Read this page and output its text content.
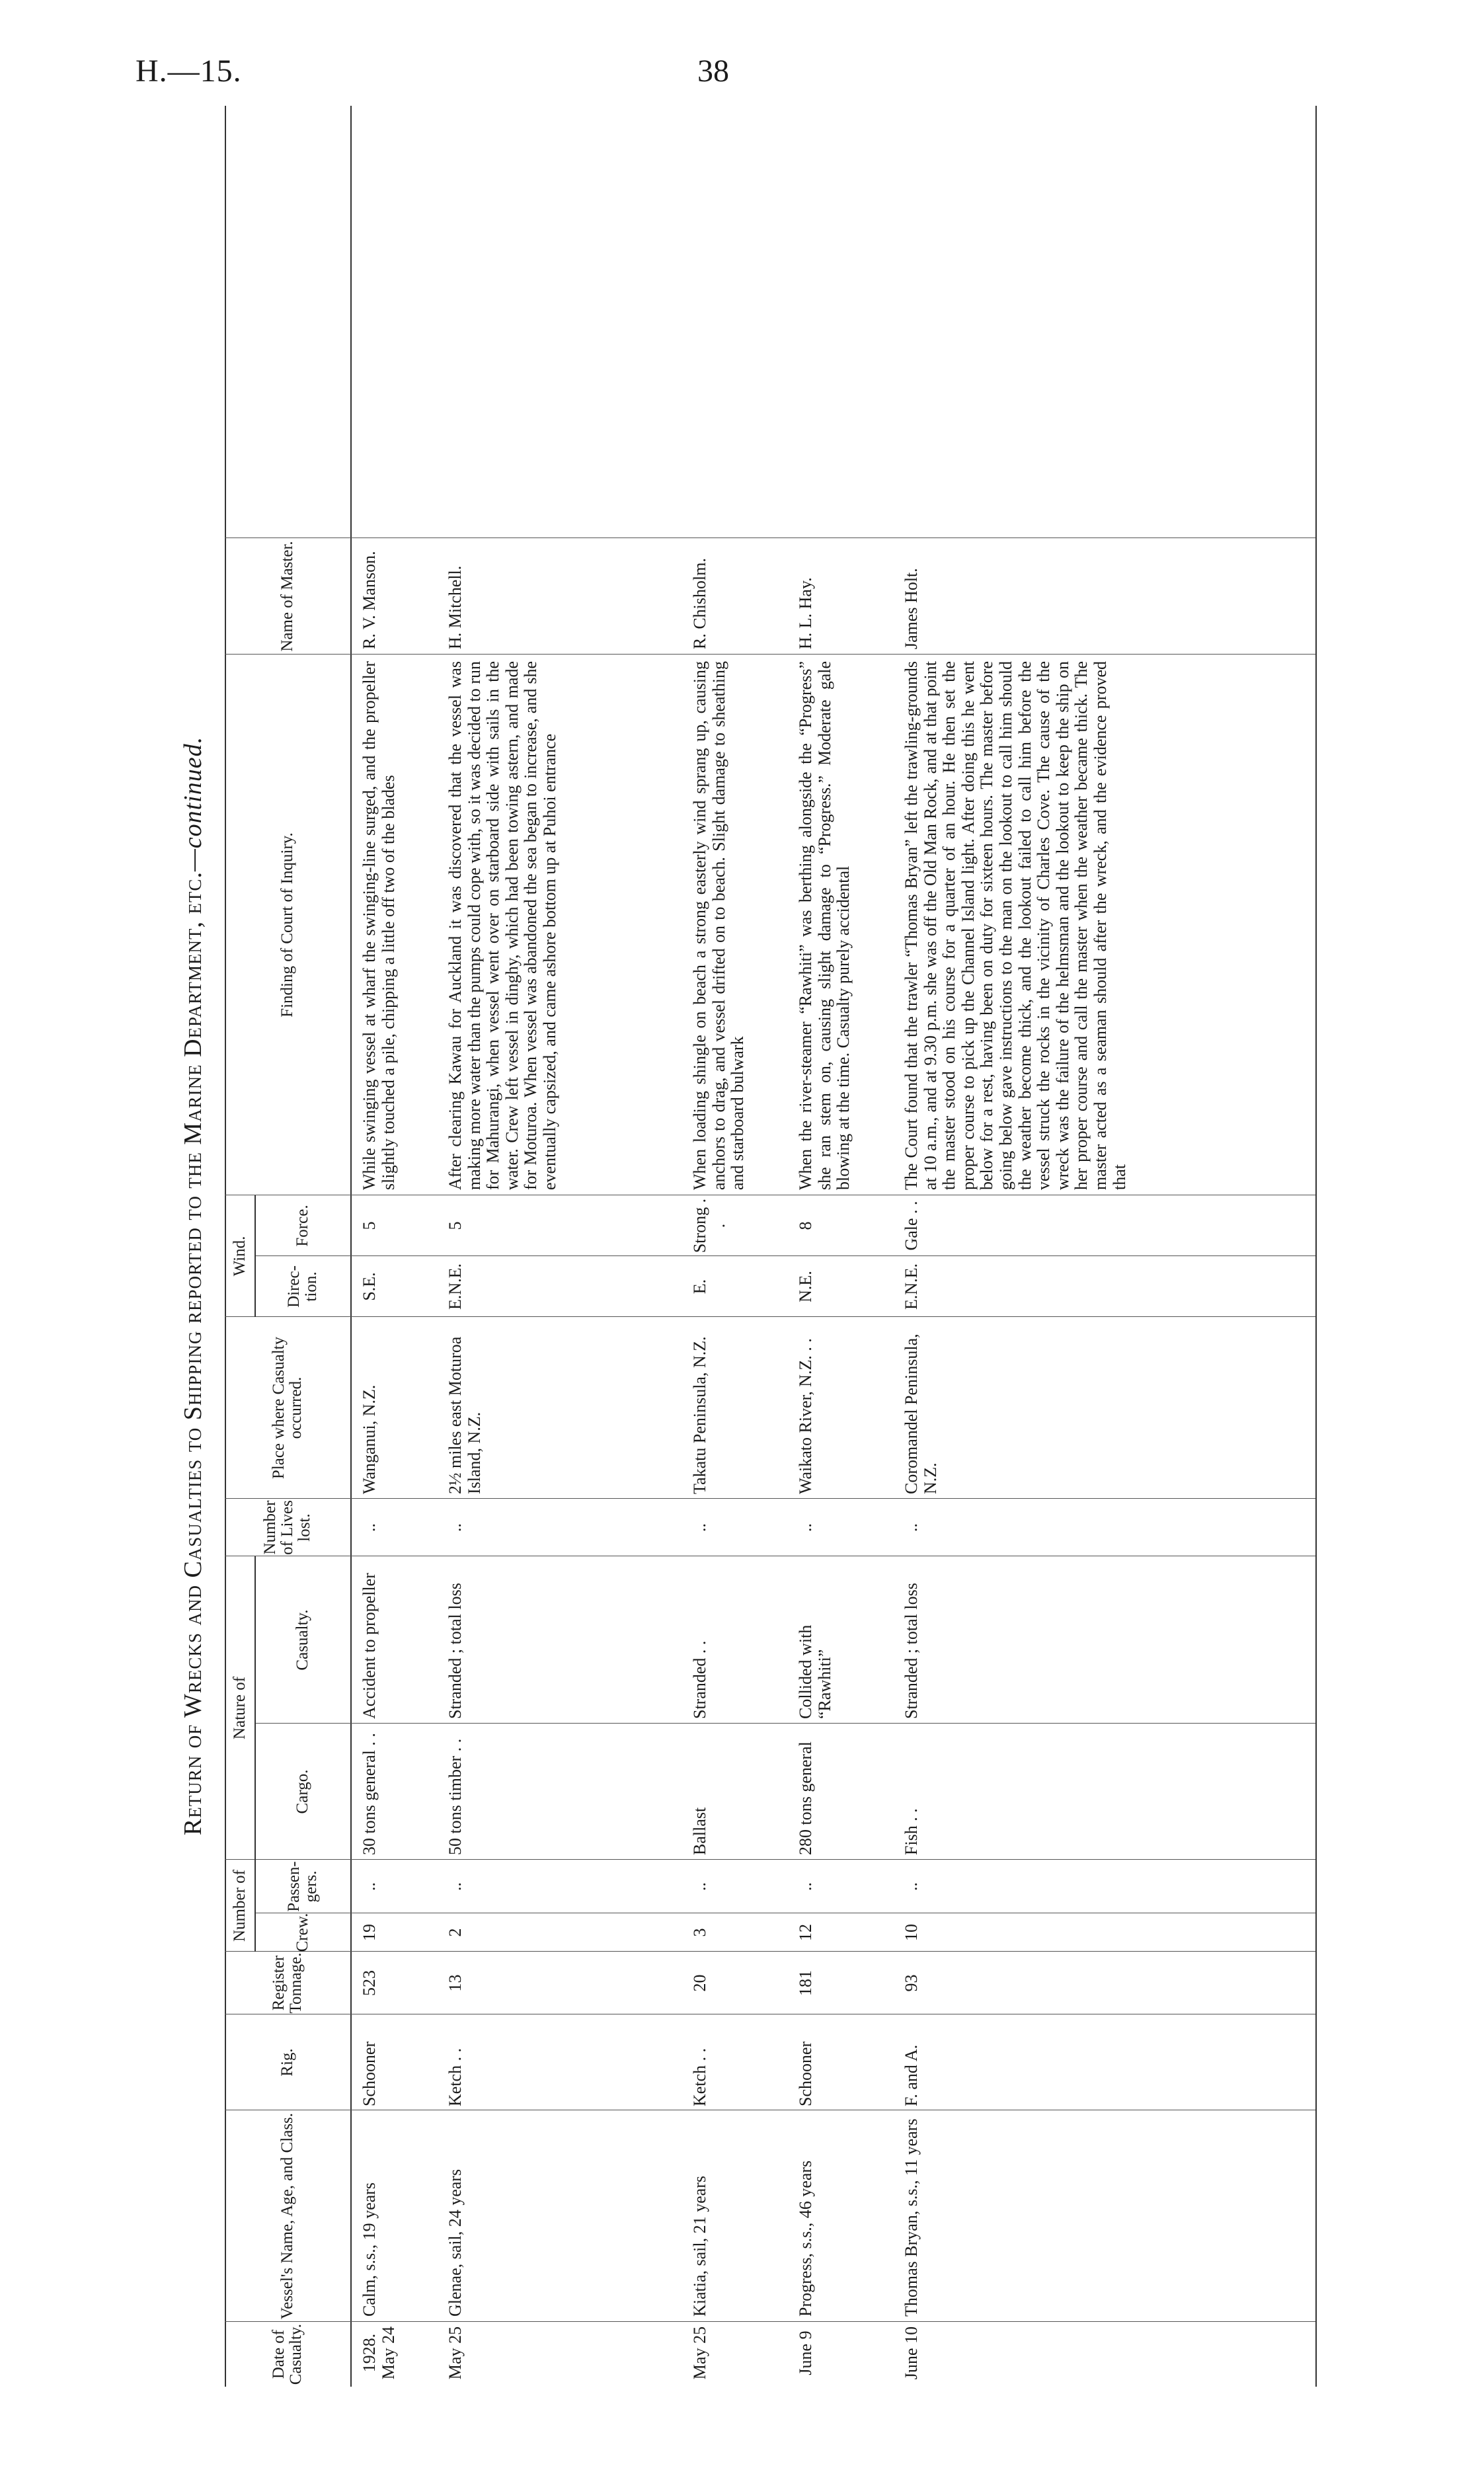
H.—15.	38
Return of Wrecks and Casualties to Shipping reported to the Marine Department, etc.—continued.
Date of Casualty.
Vessel's Name, Age, and Class.
Rig.
Register Tonnage.
Number of	Crew.
Passen-gers.
Nature of
Cargo.
Casualty.
Number of Lives lost.
Place where Casualty occurred.
Wind.
Direc-tion.
Force.
Finding of Court of Inquiry.
Name of Master.
1928. May 24
Calm, s.s., 19 years
Schooner
523
19
..
30 tons general . .
Accident to propeller
..
Wanganui, N.Z.
S.E.
5
While swinging vessel at wharf the swinging-line surged, and the propeller slightly touched a pile, chipping a little off two of the blades
R. V. Manson.
May 25
Glenae, sail, 24 years
Ketch . .
13
2
..
50 tons timber . .
Stranded ; total loss
..
2½ miles east Moturoa Island, N.Z.
E.N.E.
5
After clearing Kawau for Auckland it was discovered that the vessel was making more water than the pumps could cope with, so it was decided to run for Mahurangi, when vessel went over on starboard side with sails in the water. Crew left vessel in dinghy, which had been towing astern, and made for Moturoa. When vessel was abandoned the sea began to increase, and she eventually capsized, and came ashore bottom up at Puhoi entrance
H. Mitchell.
May 25
Kiatia, sail, 21 years
Ketch . .
20
3
..
Ballast
Stranded . .
..
Takatu Peninsula, N.Z.
E.
Strong . .
When loading shingle on beach a strong easterly wind sprang up, causing anchors to drag, and vessel drifted on to beach. Slight damage to sheathing and starboard bulwark
R. Chisholm.
June 9
Progress, s.s., 46 years
Schooner
181
12
..
280 tons general
Collided with “Rawhiti”
..
Waikato River, N.Z. . .
N.E.
8
When the river-steamer “Rawhiti” was berthing alongside the “Progress” she ran stem on, causing slight damage to “Progress.” Moderate gale blowing at the time. Casualty purely accidental
H. L. Hay.
June 10
Thomas Bryan, s.s., 11 years
F. and A.
93
10
..
Fish . .
Stranded ; total loss
..
Coromandel Peninsula, N.Z.
E.N.E.
Gale . .
The Court found that the trawler “Thomas Bryan” left the trawling-grounds at 10 a.m., and at 9.30 p.m. she was off the Old Man Rock, and at that point the master stood on his course for a quarter of an hour. He then set the proper course to pick up the Channel Island light. After doing this he went below for a rest, having been on duty for sixteen hours. The master before going below gave instructions to the man on the lookout to call him should the weather become thick, and the lookout failed to call him before the vessel struck the rocks in the vicinity of Charles Cove. The cause of the wreck was the failure of the helmsman and the lookout to keep the ship on her proper course and call the master when the weather became thick. The master acted as a seaman should after the wreck, and the evidence proved that
James Holt.
